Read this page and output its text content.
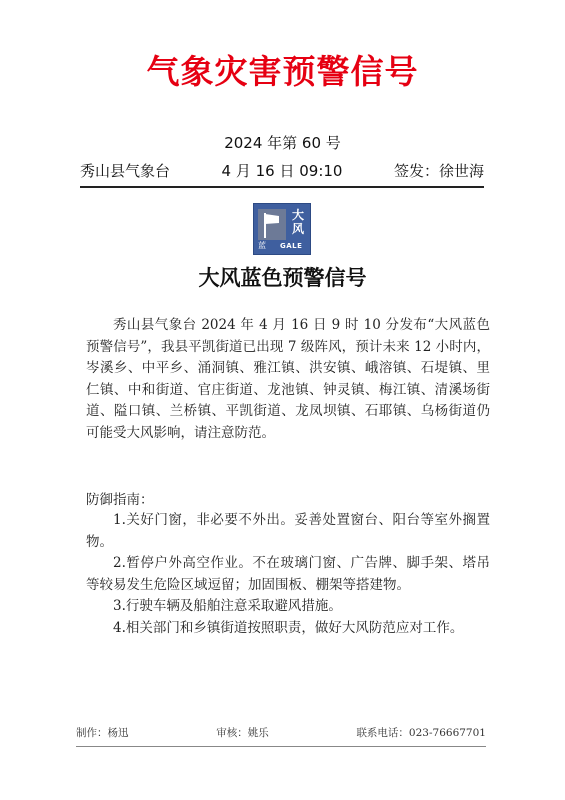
气象灾害预警信号
2024 年第 60 号
秀山县气象台	4 月 16 日 09:10	签发：徐世海
大风
蓝 GALE
大风蓝色预警信号
秀山县气象台 2024 年 4 月 16 日 9 时 10 分发布“大风蓝色预警信号”，我县平凯街道已出现 7 级阵风，预计未来 12 小时内，岑溪乡、中平乡、涌洞镇、雅江镇、洪安镇、峨溶镇、石堤镇、里仁镇、中和街道、官庄街道、龙池镇、钟灵镇、梅江镇、清溪场街道、隘口镇、兰桥镇、平凯街道、龙凤坝镇、石耶镇、乌杨街道仍可能受大风影响，请注意防范。
防御指南：
1.关好门窗，非必要不外出。妥善处置窗台、阳台等室外搁置物。
2.暂停户外高空作业。不在玻璃门窗、广告牌、脚手架、塔吊等较易发生危险区域逗留；加固围板、棚架等搭建物。
3.行驶车辆及船舶注意采取避风措施。
4.相关部门和乡镇街道按照职责，做好大风防范应对工作。
制作：杨迅	审核：姚乐	联系电话：023-76667701
